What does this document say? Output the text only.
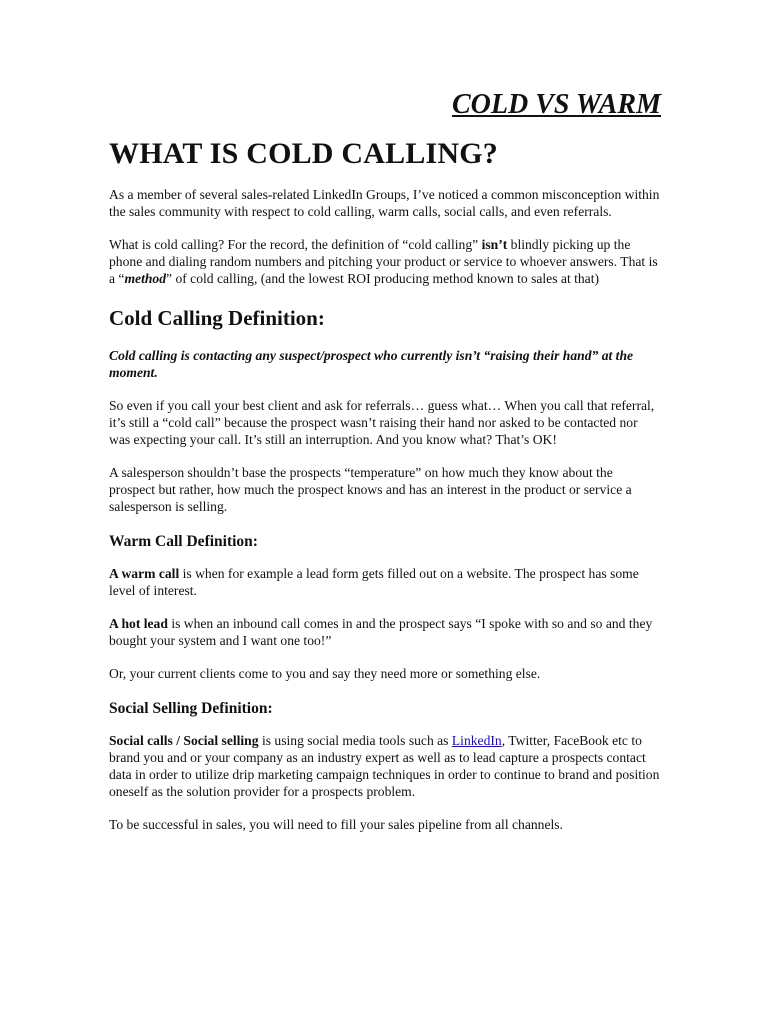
COLD VS WARM
WHAT IS COLD CALLING?

As a member of several sales-related LinkedIn Groups, I’ve noticed a common misconception within the sales community with respect to cold calling, warm calls, social calls, and even referrals.

What is cold calling? For the record, the definition of “cold calling” isn’t blindly picking up the phone and dialing random numbers and pitching your product or service to whoever answers. That is a “method” of cold calling, (and the lowest ROI producing method known to sales at that)

Cold Calling Definition:

Cold calling is contacting any suspect/prospect who currently isn’t “raising their hand” at the moment.

So even if you call your best client and ask for referrals… guess what… When you call that referral, it’s still a “cold call” because the prospect wasn’t raising their hand nor asked to be contacted nor was expecting your call. It’s still an interruption. And you know what? That’s OK!

A salesperson shouldn’t base the prospects “temperature” on how much they know about the prospect but rather, how much the prospect knows and has an interest in the product or service a salesperson is selling.

Warm Call Definition:

A warm call is when for example a lead form gets filled out on a website. The prospect has some level of interest.

A hot lead is when an inbound call comes in and the prospect says “I spoke with so and so and they bought your system and I want one too!”

Or, your current clients come to you and say they need more or something else.

Social Selling Definition:

Social calls / Social selling is using social media tools such as LinkedIn, Twitter, FaceBook etc to brand you and or your company as an industry expert as well as to lead capture a prospects contact data in order to utilize drip marketing campaign techniques in order to continue to brand and position oneself as the solution provider for a prospects problem.

To be successful in sales, you will need to fill your sales pipeline from all channels.
